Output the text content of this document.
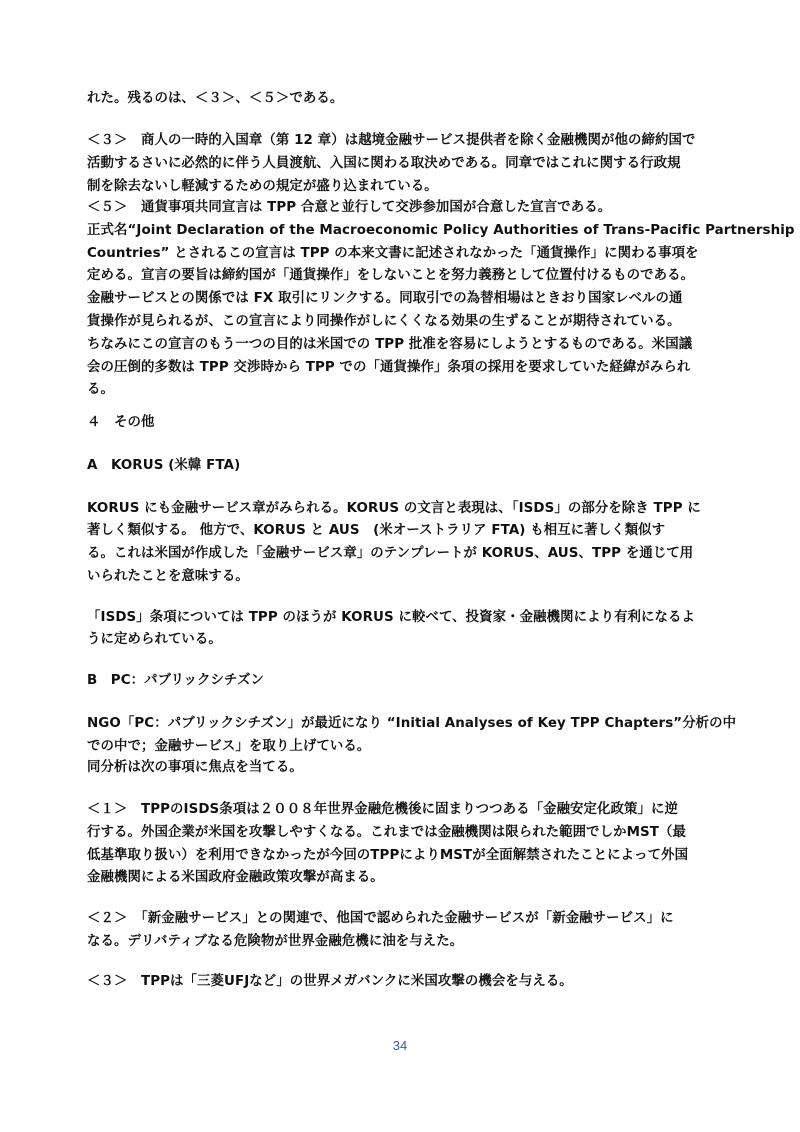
れた。残るのは、＜３＞、＜５＞である。
＜３＞　商人の一時的入国章（第 12 章）は越境金融サービス提供者を除く金融機関が他の締約国で
活動するさいに必然的に伴う人員渡航、入国に関わる取決めである。同章ではこれに関する行政規
制を除去ないし軽減するための規定が盛り込まれている。
＜５＞　通貨事項共同宣言は TPP 合意と並行して交渉参加国が合意した宣言である。
正式名“Joint Declaration of the Macroeconomic Policy Authorities of Trans-Pacific Partnership
Countries” とされるこの宣言は TPP の本来文書に記述されなかった「通貨操作」に関わる事項を
定める。宣言の要旨は締約国が「通貨操作」をしないことを努力義務として位置付けるものである。
金融サービスとの関係では FX 取引にリンクする。同取引での為替相場はときおり国家レベルの通
貨操作が見られるが、この宣言により同操作がしにくくなる効果の生ずることが期待されている。
ちなみにこの宣言のもう一つの目的は米国での TPP 批准を容易にしようとするものである。米国議
会の圧倒的多数は TPP 交渉時から TPP での「通貨操作」条項の採用を要求していた経緯がみられ
る。
４　その他
A　KORUS (米韓 FTA)
KORUS にも金融サービス章がみられる。KORUS の文言と表現は、「ISDS」の部分を除き TPP に
著しく類似する。 他方で、KORUS と AUS　(米オーストラリア FTA) も相互に著しく類似す
る。これは米国が作成した「金融サービス章」のテンプレートが KORUS、AUS、TPP を通じて用
いられたことを意味する。
「ISDS」条項については TPP のほうが KORUS に較べて、投資家・金融機関により有利になるよ
うに定められている。
B　PC：パブリックシチズン
NGO「PC：パブリックシチズン」が最近になり “Initial Analyses of Key TPP Chapters”分析の中
での中で；金融サービス」を取り上げている。
同分析は次の事項に焦点を当てる。
＜１＞　TPPのISDS条項は２００８年世界金融危機後に固まりつつある「金融安定化政策」に逆
行する。外国企業が米国を攻撃しやすくなる。これまでは金融機関は限られた範囲でしかMST（最
低基準取り扱い）を利用できなかったが今回のTPPによりMSTが全面解禁されたことによって外国
金融機関による米国政府金融政策攻撃が高まる。
＜２＞　「新金融サービス」との関連で、他国で認められた金融サービスが「新金融サービス」に
なる。デリバティブなる危険物が世界金融危機に油を与えた。
＜３＞　TPPは「三菱UFJなど」の世界メガバンクに米国攻撃の機会を与える。
34
